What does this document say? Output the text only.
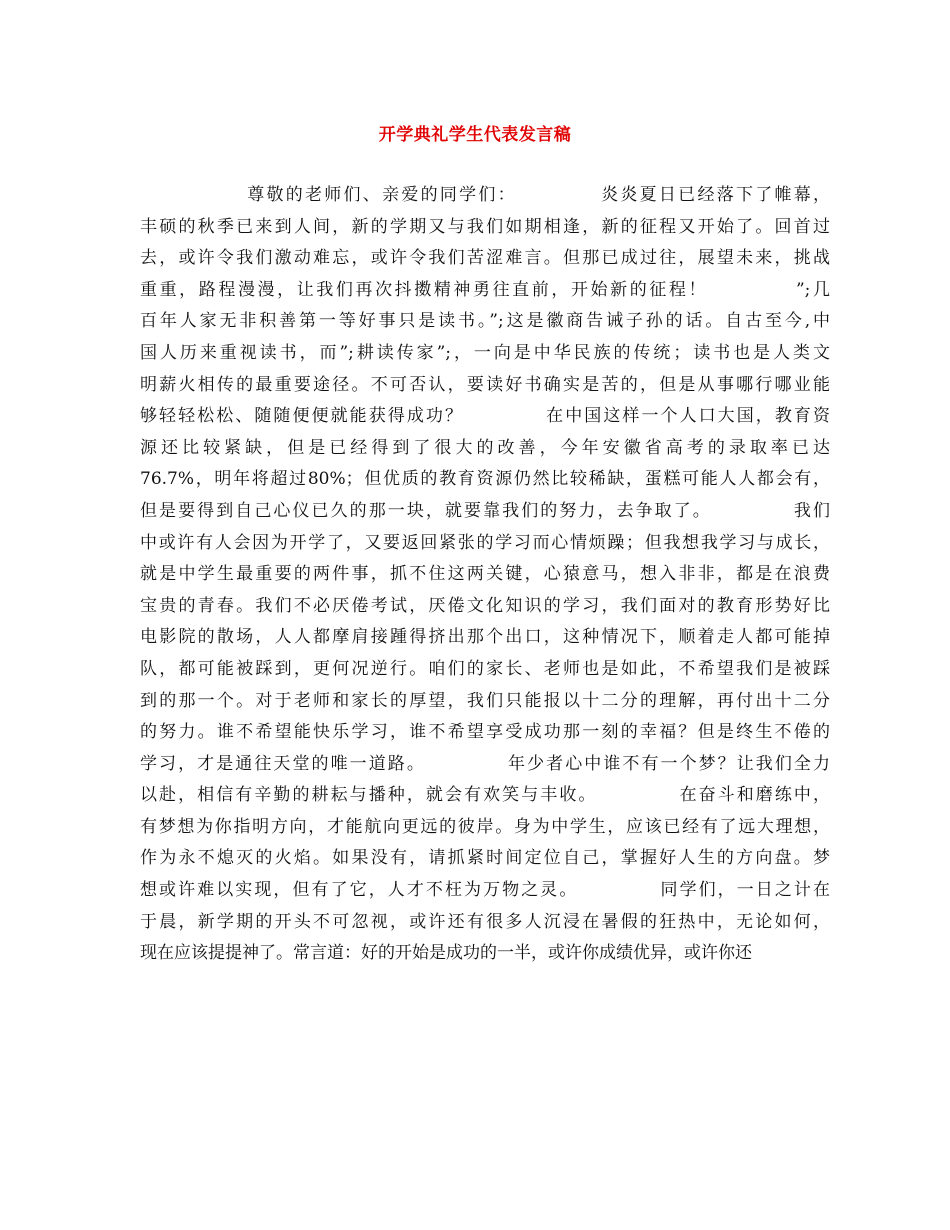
开学典礼学生代表发言稿
尊敬的老师们、亲爱的同学们：           炎炎夏日已经落下了帷幕，
丰硕的秋季已来到人间，新的学期又与我们如期相逢，新的征程又开始了。回首过
去，或许令我们激动难忘，或许令我们苦涩难言。但那已成过往，展望未来，挑战
重重，路程漫漫，让我们再次抖擞精神勇往直前，开始新的征程！           ”;几
百年人家无非积善第一等好事只是读书。”;这是徽商告诫子孙的话。自古至今,中
国人历来重视读书，而”;耕读传家”;，一向是中华民族的传统；读书也是人类文
明薪火相传的最重要途径。不可否认，要读好书确实是苦的，但是从事哪行哪业能
够轻轻松松、随随便便就能获得成功？           在中国这样一个人口大国，教育资
源还比较紧缺，但是已经得到了很大的改善，今年安徽省高考的录取率已达
76.7%，明年将超过80%；但优质的教育资源仍然比较稀缺，蛋糕可能人人都会有，
但是要得到自己心仪已久的那一块，就要靠我们的努力，去争取了。           我们
中或许有人会因为开学了，又要返回紧张的学习而心情烦躁；但我想我学习与成长，
就是中学生最重要的两件事，抓不住这两关键，心猿意马，想入非非，都是在浪费
宝贵的青春。我们不必厌倦考试，厌倦文化知识的学习，我们面对的教育形势好比
电影院的散场，人人都摩肩接踵得挤出那个出口，这种情况下，顺着走人都可能掉
队，都可能被踩到，更何况逆行。咱们的家长、老师也是如此，不希望我们是被踩
到的那一个。对于老师和家长的厚望，我们只能报以十二分的理解，再付出十二分
的努力。谁不希望能快乐学习，谁不希望享受成功那一刻的幸福？但是终生不倦的
学习，才是通往天堂的唯一道路。           年少者心中谁不有一个梦？让我们全力
以赴，相信有辛勤的耕耘与播种，就会有欢笑与丰收。           在奋斗和磨练中，
有梦想为你指明方向，才能航向更远的彼岸。身为中学生，应该已经有了远大理想，
作为永不熄灭的火焰。如果没有，请抓紧时间定位自己，掌握好人生的方向盘。梦
想或许难以实现，但有了它，人才不枉为万物之灵。           同学们，一日之计在
于晨，新学期的开头不可忽视，或许还有很多人沉浸在暑假的狂热中，无论如何，
现在应该提提神了。常言道：好的开始是成功的一半，或许你成绩优异，或许你还
